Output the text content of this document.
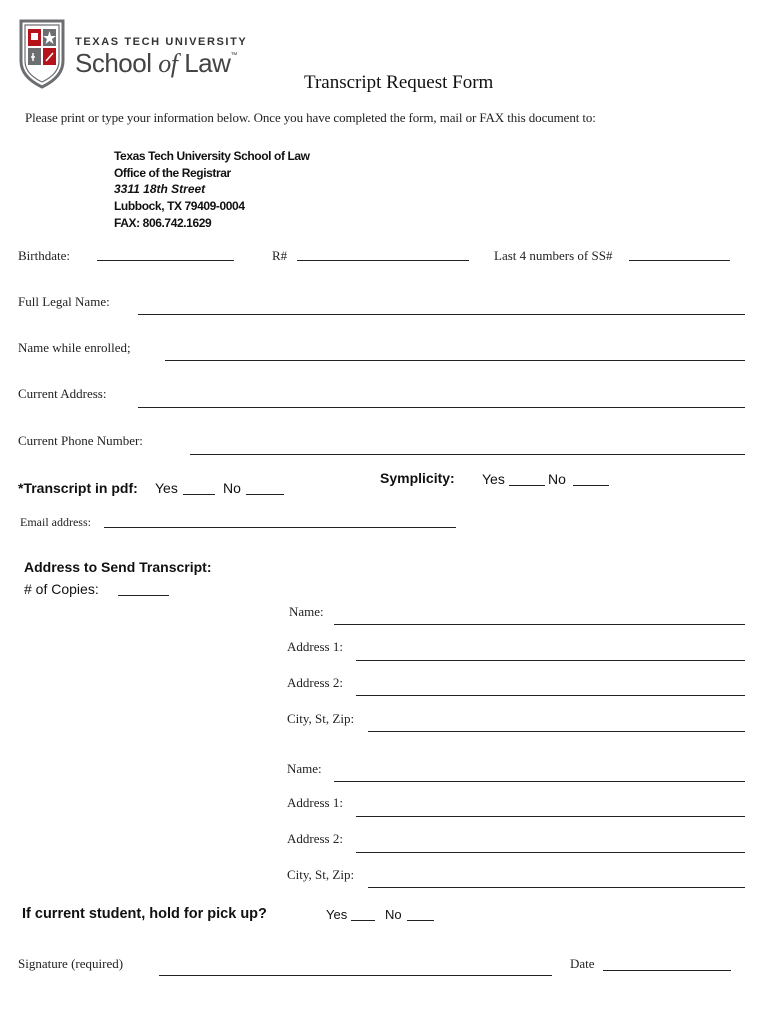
TEXAS TECH UNIVERSITY
School of Law™
Transcript Request Form
Please print or type your information below. Once you have completed the form, mail or FAX this document to:
Texas Tech University School of Law
Office of the Registrar
3311 18th Street
Lubbock, TX 79409-0004
FAX: 806.742.1629
Birthdate:	R#	Last 4 numbers of SS#
Full Legal Name:
Name while enrolled;
Current Address:
Current Phone Number:
*Transcript in pdf: Yes	No
Symplicity: Yes	No
Email address:
Address to Send Transcript:
# of Copies:
Name:
Address 1:
Address 2:
City, St, Zip:
Name:
Address 1:
Address 2:
City, St, Zip:
If current student, hold for pick up?	Yes	No
Signature (required)	Date
